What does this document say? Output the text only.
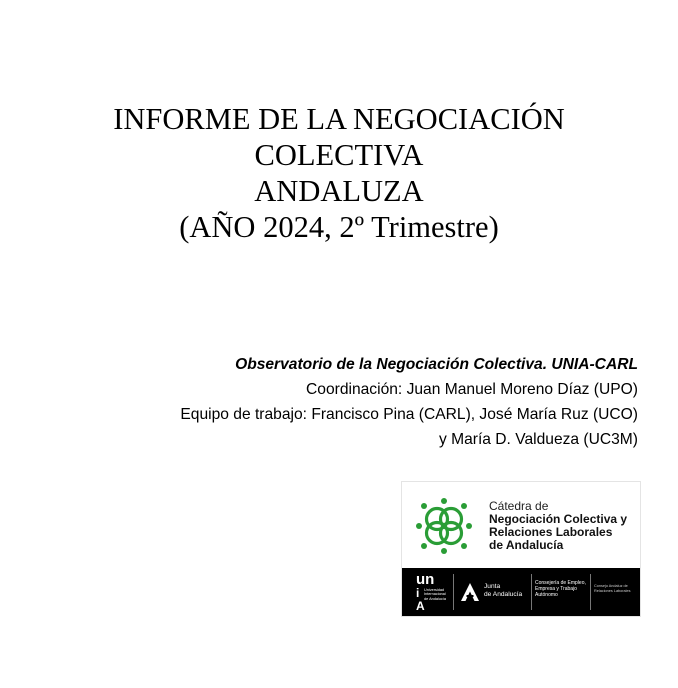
INFORME DE LA NEGOCIACIÓN
COLECTIVA
ANDALUZA
(AÑO 2024, 2º Trimestre)
Observatorio de la Negociación Colectiva. UNIA-CARL
Coordinación: Juan Manuel Moreno Díaz (UPO)
Equipo de trabajo: Francisco Pina (CARL), José María Ruz (UCO)
y María D. Valdueza (UC3M)
Cátedra de
Negociación Colectiva y
Relaciones Laborales
de Andalucía
un
i
A
Universidad
Internacional
de Andalucía
Junta
de Andalucía
Consejería de Empleo,
Empresa y Trabajo
Autónomo
Consejo Andaluz de
Relaciones Laborales
